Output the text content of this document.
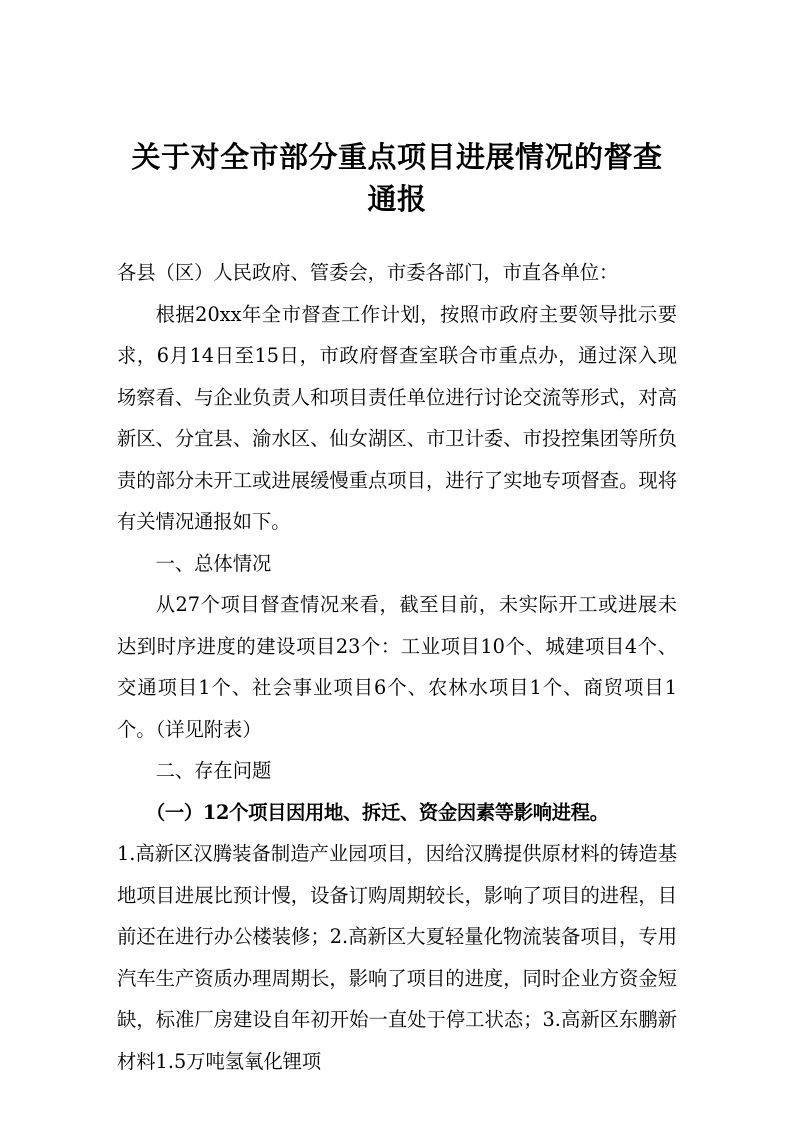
关于对全市部分重点项目进展情况的督查通报

各县（区）人民政府、管委会，市委各部门，市直各单位：

根据20xx年全市督查工作计划，按照市政府主要领导批示要求，6月14日至15日，市政府督查室联合市重点办，通过深入现场察看、与企业负责人和项目责任单位进行讨论交流等形式，对高新区、分宜县、渝水区、仙女湖区、市卫计委、市投控集团等所负责的部分未开工或进展缓慢重点项目，进行了实地专项督查。现将有关情况通报如下。

一、总体情况

从27个项目督查情况来看，截至目前，未实际开工或进展未达到时序进度的建设项目23个：工业项目10个、城建项目4个、交通项目1个、社会事业项目6个、农林水项目1个、商贸项目1个。（详见附表）

二、存在问题

（一）12个项目因用地、拆迁、资金因素等影响进程。

1.高新区汉腾装备制造产业园项目，因给汉腾提供原材料的铸造基地项目进展比预计慢，设备订购周期较长，影响了项目的进程，目前还在进行办公楼装修；2.高新区大夏轻量化物流装备项目，专用汽车生产资质办理周期长，影响了项目的进度，同时企业方资金短缺，标准厂房建设自年初开始一直处于停工状态；3.高新区东鹏新材料1.5万吨氢氧化锂项
